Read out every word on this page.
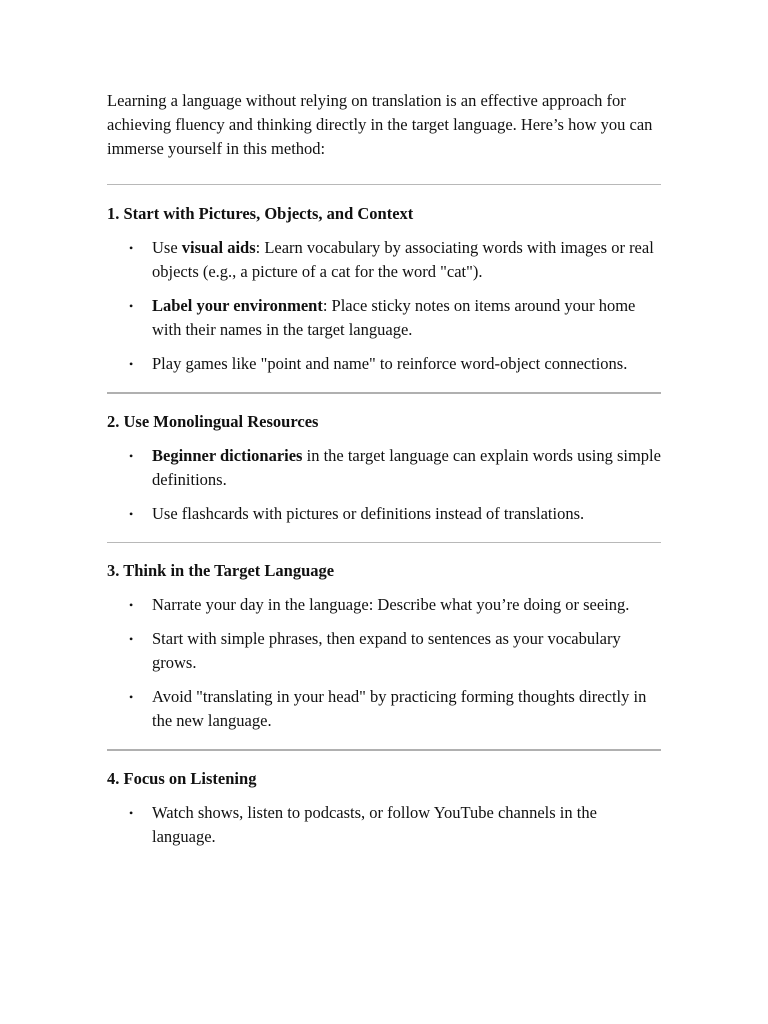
Learning a language without relying on translation is an effective approach for achieving fluency and thinking directly in the target language. Here’s how you can immerse yourself in this method:

1. Start with Pictures, Objects, and Context
• Use visual aids: Learn vocabulary by associating words with images or real objects (e.g., a picture of a cat for the word "cat").
• Label your environment: Place sticky notes on items around your home with their names in the target language.
• Play games like "point and name" to reinforce word-object connections.
2. Use Monolingual Resources
• Beginner dictionaries in the target language can explain words using simple definitions.
• Use flashcards with pictures or definitions instead of translations.
3. Think in the Target Language
• Narrate your day in the language: Describe what you’re doing or seeing.
• Start with simple phrases, then expand to sentences as your vocabulary grows.
• Avoid "translating in your head" by practicing forming thoughts directly in the new language.
4. Focus on Listening
• Watch shows, listen to podcasts, or follow YouTube channels in the language.
